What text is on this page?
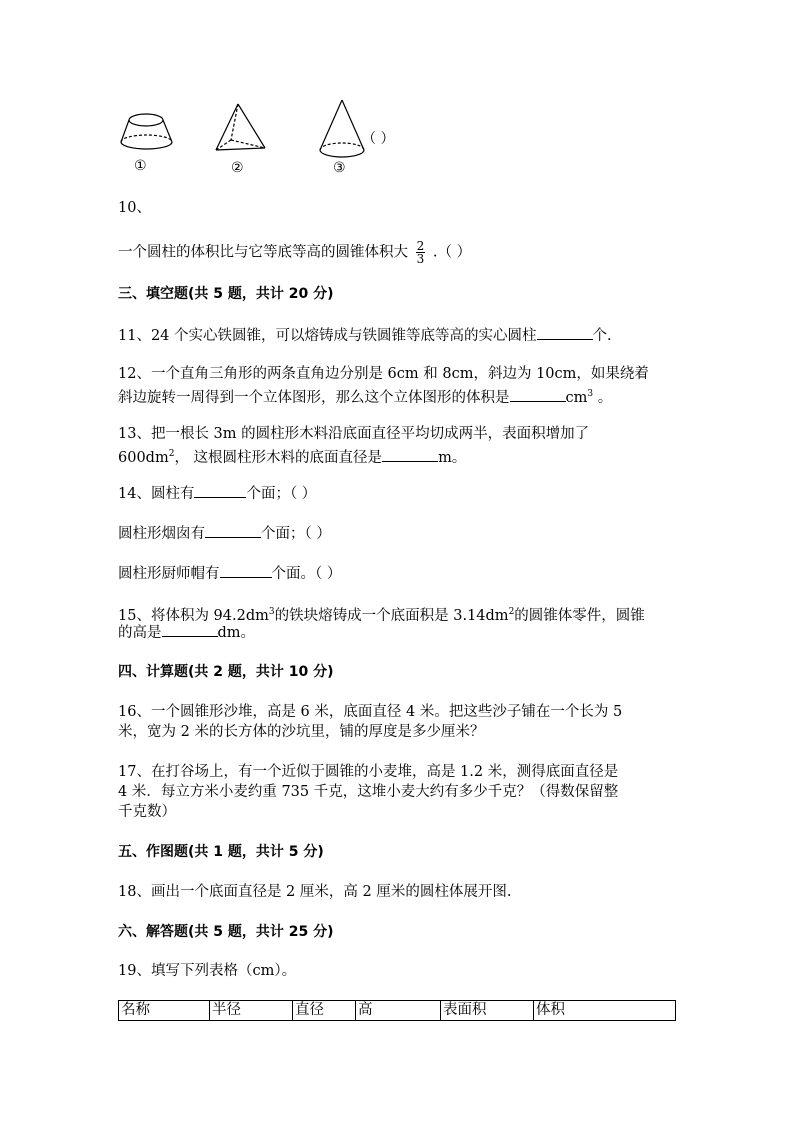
①	②	③
（ ）
10、
一个圆柱的体积比与它等底等高的圆锥体积大 $\frac{2}{3}$ .（ ）
三、填空题(共 5 题，共计 20 分)
11、24 个实心铁圆锥，可以熔铸成与铁圆锥等底等高的实心圆柱	个.
12、一个直角三角形的两条直角边分别是 6cm 和 8cm，斜边为 10cm，如果绕着
斜边旋转一周得到一个立体图形，那么这个立体图形的体积是	$cm^3$ 。
13、把一根长 3m 的圆柱形木料沿底面直径平均切成两半，表面积增加了
$600dm^2$， 这根圆柱形木料的底面直径是	m。
14、圆柱有	个面；（ ）
圆柱形烟囱有	个面；（ ）
圆柱形厨师帽有	个面。（ ）
15、将体积为 $94.2dm^3$的铁块熔铸成一个底面积是 $3.14dm^2$的圆锥体零件，圆锥
的高是	dm。
四、计算题(共 2 题，共计 10 分)
16、一个圆锥形沙堆，高是 6 米，底面直径 4 米。把这些沙子铺在一个长为 5
米，宽为 2 米的长方体的沙坑里，铺的厚度是多少厘米？
17、在打谷场上，有一个近似于圆锥的小麦堆，高是 1.2 米，测得底面直径是
4 米．每立方米小麦约重 735 千克，这堆小麦大约有多少千克？（得数保留整
千克数）
五、作图题(共 1 题，共计 5 分)
18、画出一个底面直径是 2 厘米，高 2 厘米的圆柱体展开图.
六、解答题(共 5 题，共计 25 分)
19、填写下列表格（cm）。
名称	半径	直径	高	表面积	体积
